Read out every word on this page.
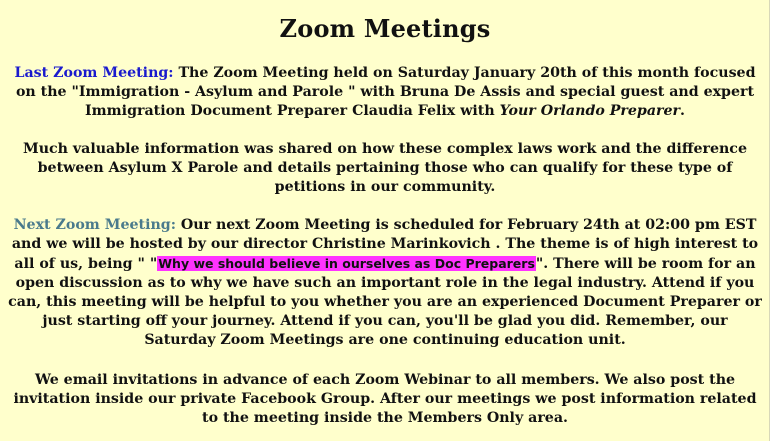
Zoom Meetings

Last Zoom Meeting: The Zoom Meeting held on Saturday January 20th of this month focused on the "Immigration - Asylum and Parole " with Bruna De Assis and special guest and expert Immigration Document Preparer Claudia Felix with Your Orlando Preparer.

Much valuable information was shared on how these complex laws work and the difference between Asylum X Parole and details pertaining those who can qualify for these type of petitions in our community.

Next Zoom Meeting: Our next Zoom Meeting is scheduled for February 24th at 02:00 pm EST and we will be hosted by our director Christine Marinkovich . The theme is of high interest to all of us, being " "Why we should believe in ourselves as Doc Preparers". There will be room for an open discussion as to why we have such an important role in the legal industry. Attend if you can, this meeting will be helpful to you whether you are an experienced Document Preparer or just starting off your journey. Attend if you can, you'll be glad you did. Remember, our Saturday Zoom Meetings are one continuing education unit.

We email invitations in advance of each Zoom Webinar to all members. We also post the invitation inside our private Facebook Group. After our meetings we post information related to the meeting inside the Members Only area.
